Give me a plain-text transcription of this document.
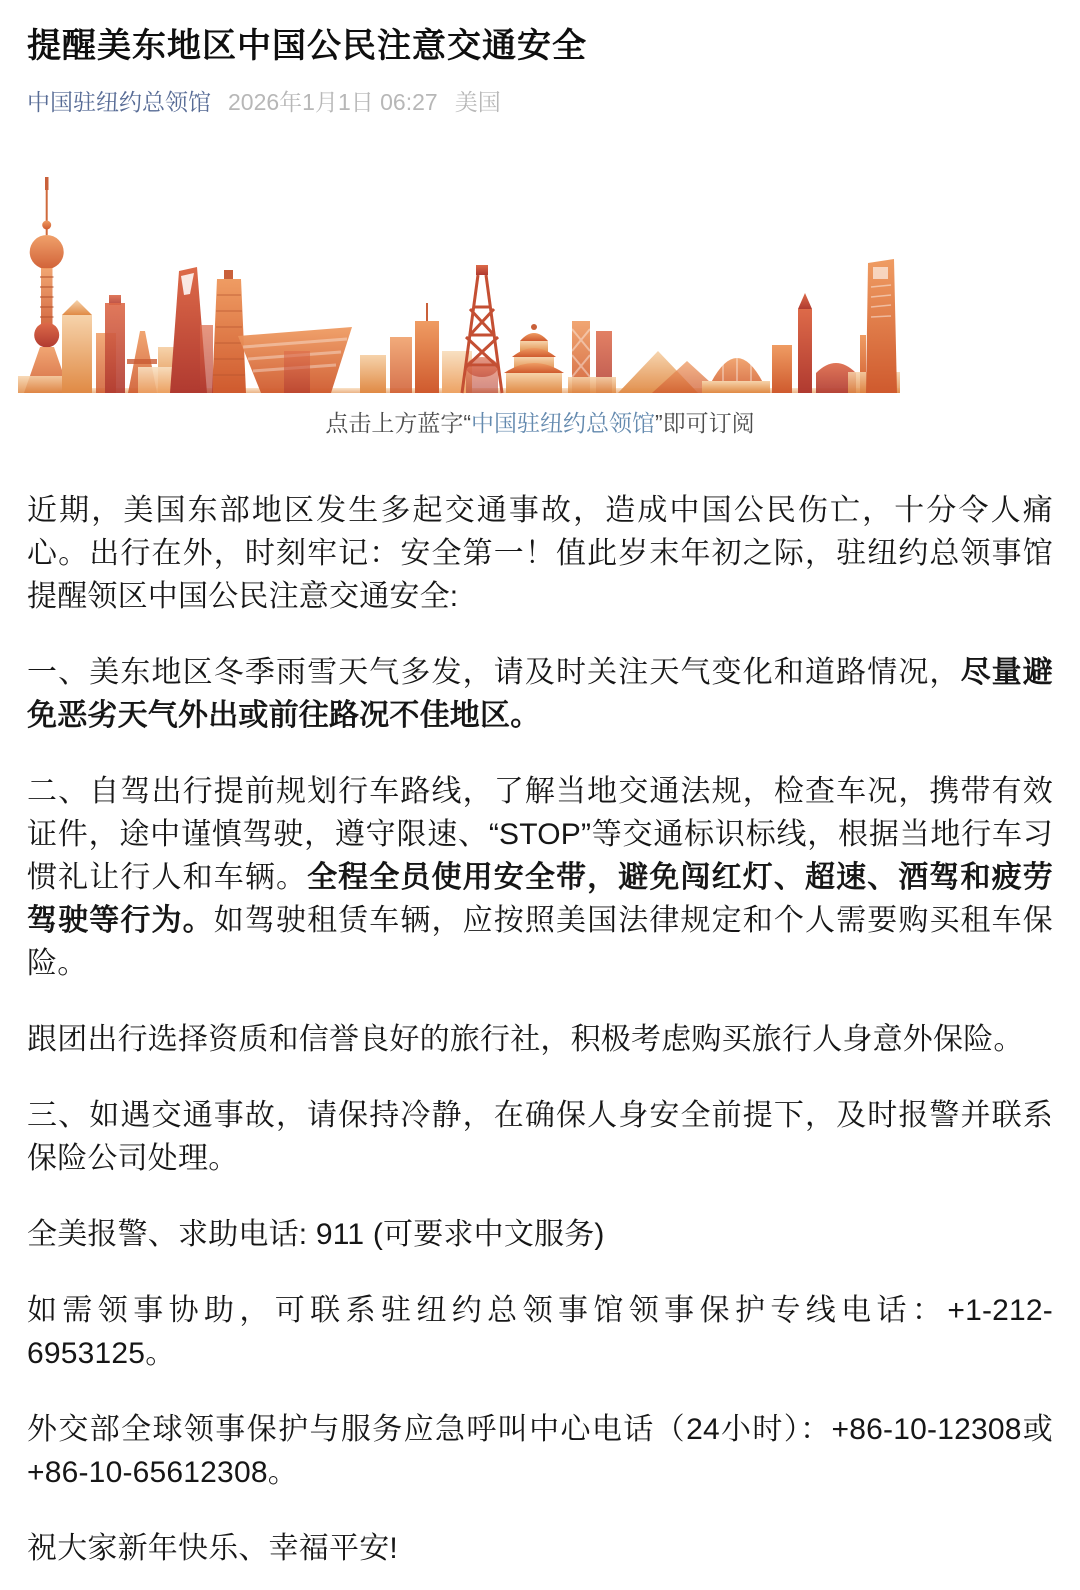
提醒美东地区中国公民注意交通安全
中国驻纽约总领馆 2026年1月1日 06:27 美国
点击上方蓝字“中国驻纽约总领馆”即可订阅

近期，美国东部地区发生多起交通事故，造成中国公民伤亡，十分令人痛心。出行在外，时刻牢记：安全第一！值此岁末年初之际，驻纽约总领事馆提醒领区中国公民注意交通安全:

一、美东地区冬季雨雪天气多发，请及时关注天气变化和道路情况，尽量避免恶劣天气外出或前往路况不佳地区。

二、自驾出行提前规划行车路线，了解当地交通法规，检查车况，携带有效证件，途中谨慎驾驶，遵守限速、“STOP”等交通标识标线，根据当地行车习惯礼让行人和车辆。全程全员使用安全带，避免闯红灯、超速、酒驾和疲劳驾驶等行为。如驾驶租赁车辆，应按照美国法律规定和个人需要购买租车保险。

跟团出行选择资质和信誉良好的旅行社，积极考虑购买旅行人身意外保险。

三、如遇交通事故，请保持冷静，在确保人身安全前提下，及时报警并联系保险公司处理。

全美报警、求助电话: 911 (可要求中文服务)

如需领事协助，可联系驻纽约总领事馆领事保护专线电话：+1-212-6953125。

外交部全球领事保护与服务应急呼叫中心电话（24小时）：+86-10-12308或+86-10-65612308。

祝大家新年快乐、幸福平安!
